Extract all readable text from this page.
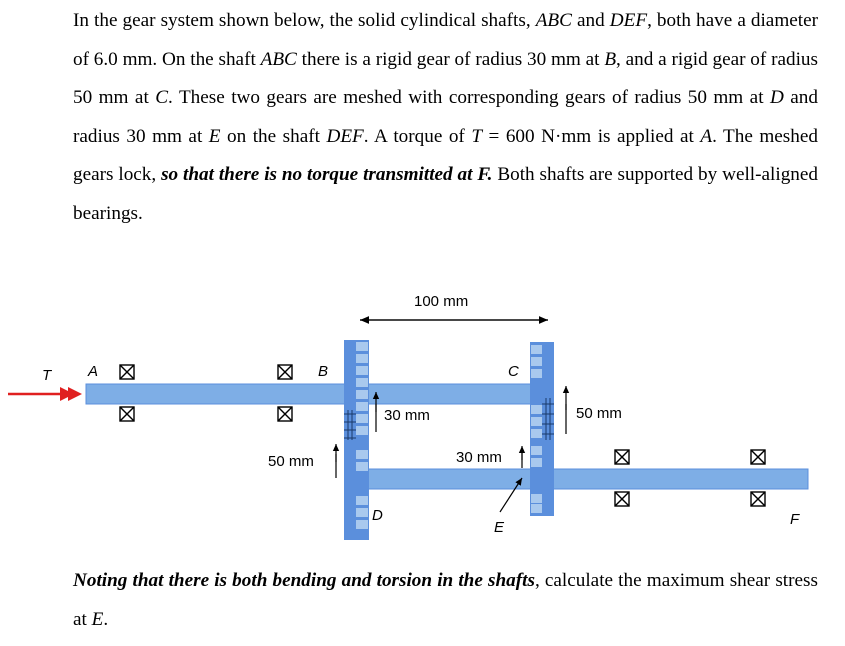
In the gear system shown below, the solid cylindical shafts, ABC and DEF, both have a diameter of 6.0 mm. On the shaft ABC there is a rigid gear of radius 30 mm at B, and a rigid gear of radius 50 mm at C. These two gears are meshed with corresponding gears of radius 50 mm at D and radius 30 mm at E on the shaft DEF. A torque of T = 600 N·mm is applied at A. The meshed gears lock, so that there is no torque transmitted at F. Both shafts are supported by well-aligned bearings.

100 mm
T A	B	C
D
E	F
30 mm	50 mm
50 mm	30 mm

Noting that there is both bending and torsion in the shafts, calculate the maximum shear stress at E.
